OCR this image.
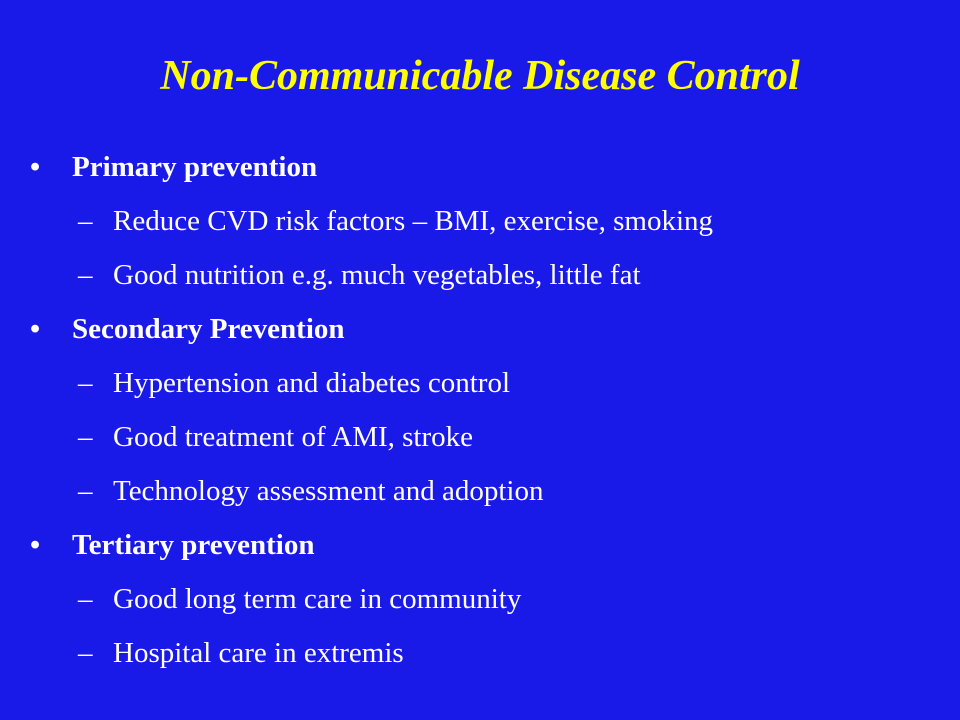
Non-Communicable Disease Control
• Primary prevention
– Reduce CVD risk factors – BMI, exercise, smoking
– Good nutrition e.g. much vegetables, little fat
• Secondary Prevention
– Hypertension and diabetes control
– Good treatment of AMI, stroke
– Technology assessment and adoption
• Tertiary prevention
– Good long term care in community
– Hospital care in extremis
